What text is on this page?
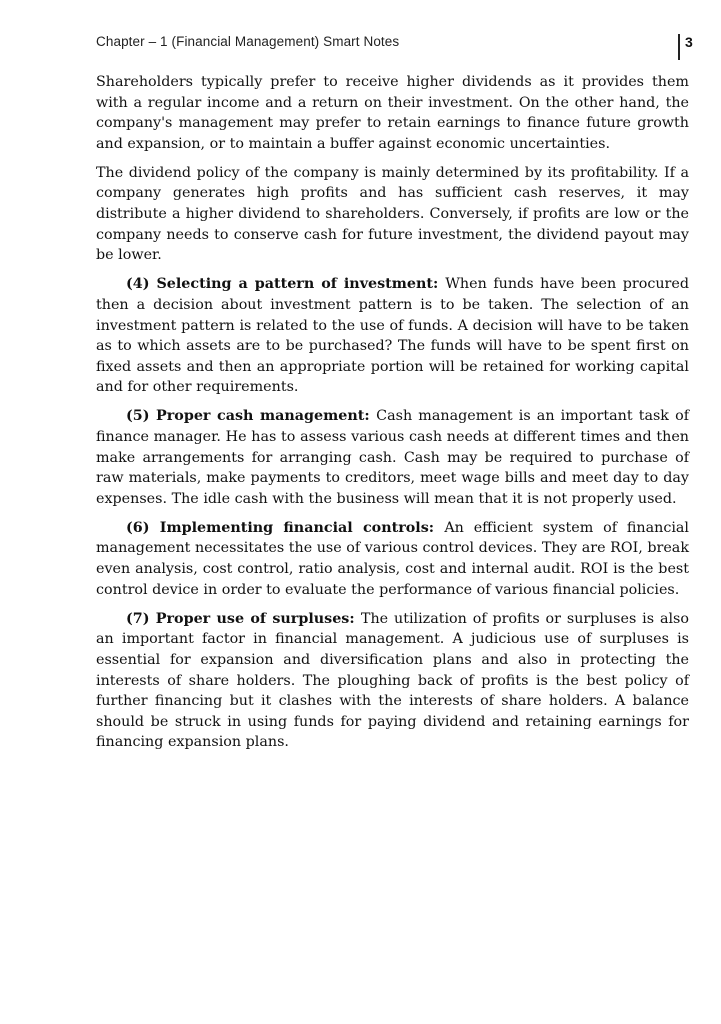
Chapter – 1 (Financial Management) Smart Notes	3

Shareholders typically prefer to receive higher dividends as it provides them with a regular income and a return on their investment. On the other hand, the company's management may prefer to retain earnings to finance future growth and expansion, or to maintain a buffer against economic uncertainties.

The dividend policy of the company is mainly determined by its profitability. If a company generates high profits and has sufficient cash reserves, it may distribute a higher dividend to shareholders. Conversely, if profits are low or the company needs to conserve cash for future investment, the dividend payout may be lower.

(4) Selecting a pattern of investment: When funds have been procured then a decision about investment pattern is to be taken. The selection of an investment pattern is related to the use of funds. A decision will have to be taken as to which assets are to be purchased? The funds will have to be spent first on fixed assets and then an appropriate portion will be retained for working capital and for other requirements.

(5) Proper cash management: Cash management is an important task of finance manager. He has to assess various cash needs at different times and then make arrangements for arranging cash. Cash may be required to purchase of raw materials, make payments to creditors, meet wage bills and meet day to day expenses. The idle cash with the business will mean that it is not properly used.

(6) Implementing financial controls: An efficient system of financial management necessitates the use of various control devices. They are ROI, break even analysis, cost control, ratio analysis, cost and internal audit. ROI is the best control device in order to evaluate the performance of various financial policies.

(7) Proper use of surpluses: The utilization of profits or surpluses is also an important factor in financial management. A judicious use of surpluses is essential for expansion and diversification plans and also in protecting the interests of share holders. The ploughing back of profits is the best policy of further financing but it clashes with the interests of share holders. A balance should be struck in using funds for paying dividend and retaining earnings for financing expansion plans.
